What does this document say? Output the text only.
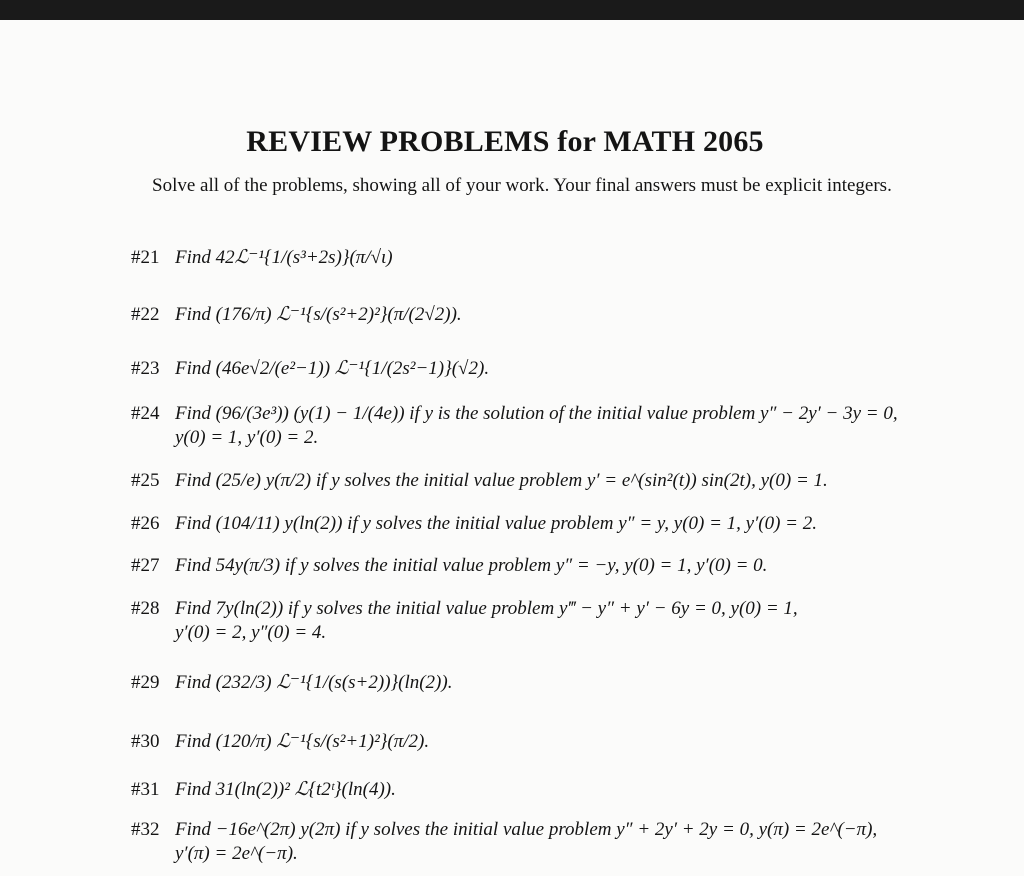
REVIEW PROBLEMS for MATH 2065

Solve all of the problems, showing all of your work. Your final answers must be explicit integers.

#21 Find 42ℒ⁻¹{1/(s³+2s)}(π/√ι)
#22 Find (176/π) ℒ⁻¹{s/(s²+2)²}(π/(2√2)).
#23 Find (46e√2/(e²−1)) ℒ⁻¹{1/(2s²−1)}(√2).
#24 Find (96/(3e³)) (y(1) − 1/(4e)) if y is the solution of the initial value problem y″ − 2y′ − 3y = 0,
y(0) = 1, y′(0) = 2.
#25 Find (25/e) y(π/2) if y solves the initial value problem y′ = e^(sin²(t)) sin(2t), y(0) = 1.
#26 Find (104/11) y(ln(2)) if y solves the initial value problem y″ = y, y(0) = 1, y′(0) = 2.
#27 Find 54y(π/3) if y solves the initial value problem y″ = −y, y(0) = 1, y′(0) = 0.
#28 Find 7y(ln(2)) if y solves the initial value problem y‴ − y″ + y′ − 6y = 0, y(0) = 1,
y′(0) = 2, y″(0) = 4.
#29 Find (232/3) ℒ⁻¹{1/(s(s+2))}(ln(2)).
#30 Find (120/π) ℒ⁻¹{s/(s²+1)²}(π/2).
#31 Find 31(ln(2))² ℒ{t2ᵗ}(ln(4)).
#32 Find −16e^(2π) y(2π) if y solves the initial value problem y″ + 2y′ + 2y = 0, y(π) = 2e^(−π),
y′(π) = 2e^(−π).
